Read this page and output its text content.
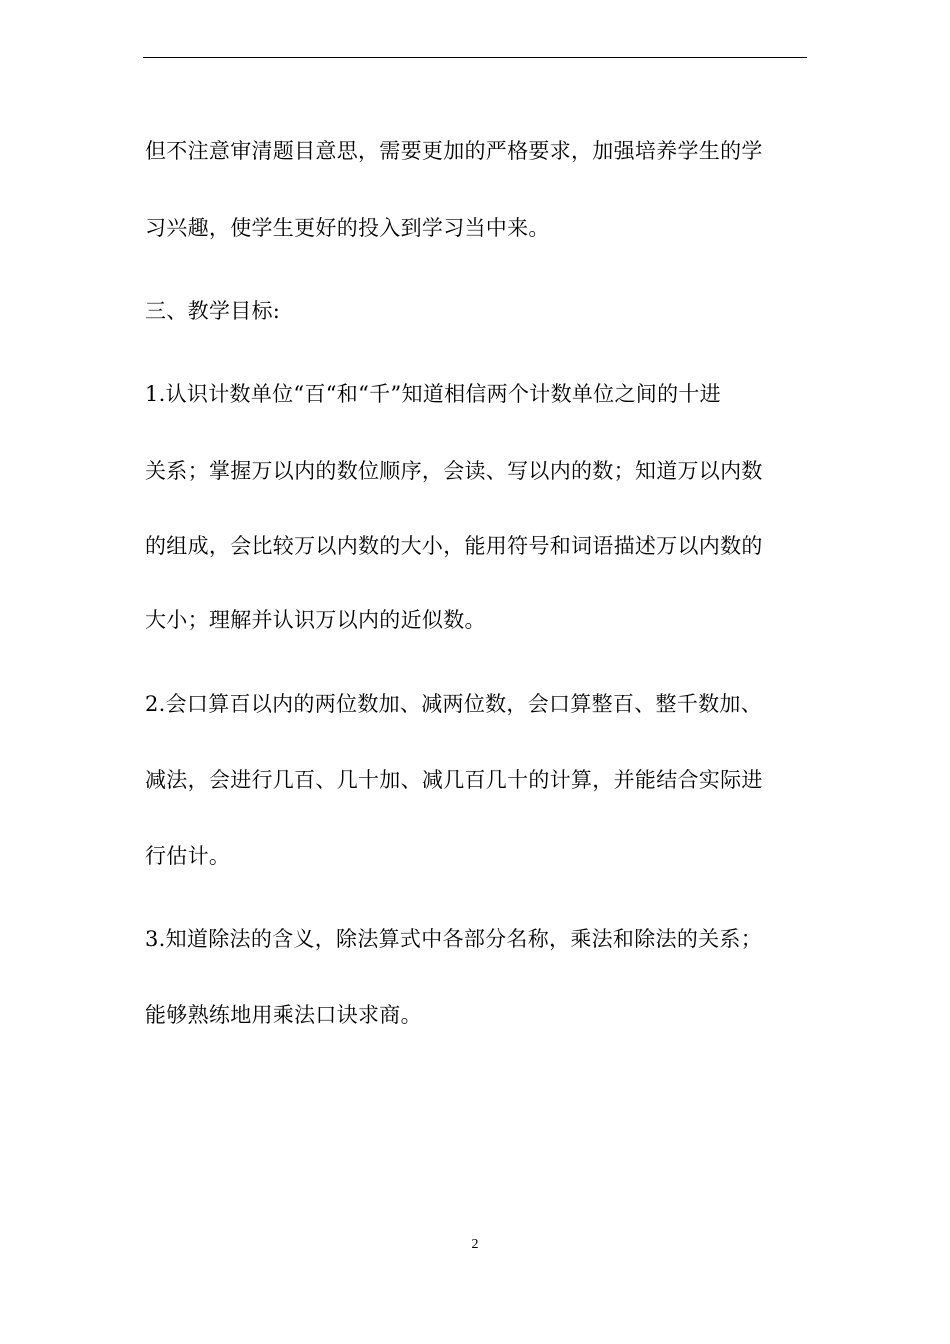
但不注意审清题目意思，需要更加的严格要求，加强培养学生的学
习兴趣，使学生更好的投入到学习当中来。
三、教学目标:
1.认识计数单位“百“和“千”知道相信两个计数单位之间的十进
关系；掌握万以内的数位顺序，会读、写以内的数；知道万以内数
的组成，会比较万以内数的大小，能用符号和词语描述万以内数的
大小；理解并认识万以内的近似数。
2.会口算百以内的两位数加、减两位数，会口算整百、整千数加、
减法，会进行几百、几十加、减几百几十的计算，并能结合实际进
行估计。
3.知道除法的含义，除法算式中各部分名称，乘法和除法的关系；
能够熟练地用乘法口诀求商。
2
